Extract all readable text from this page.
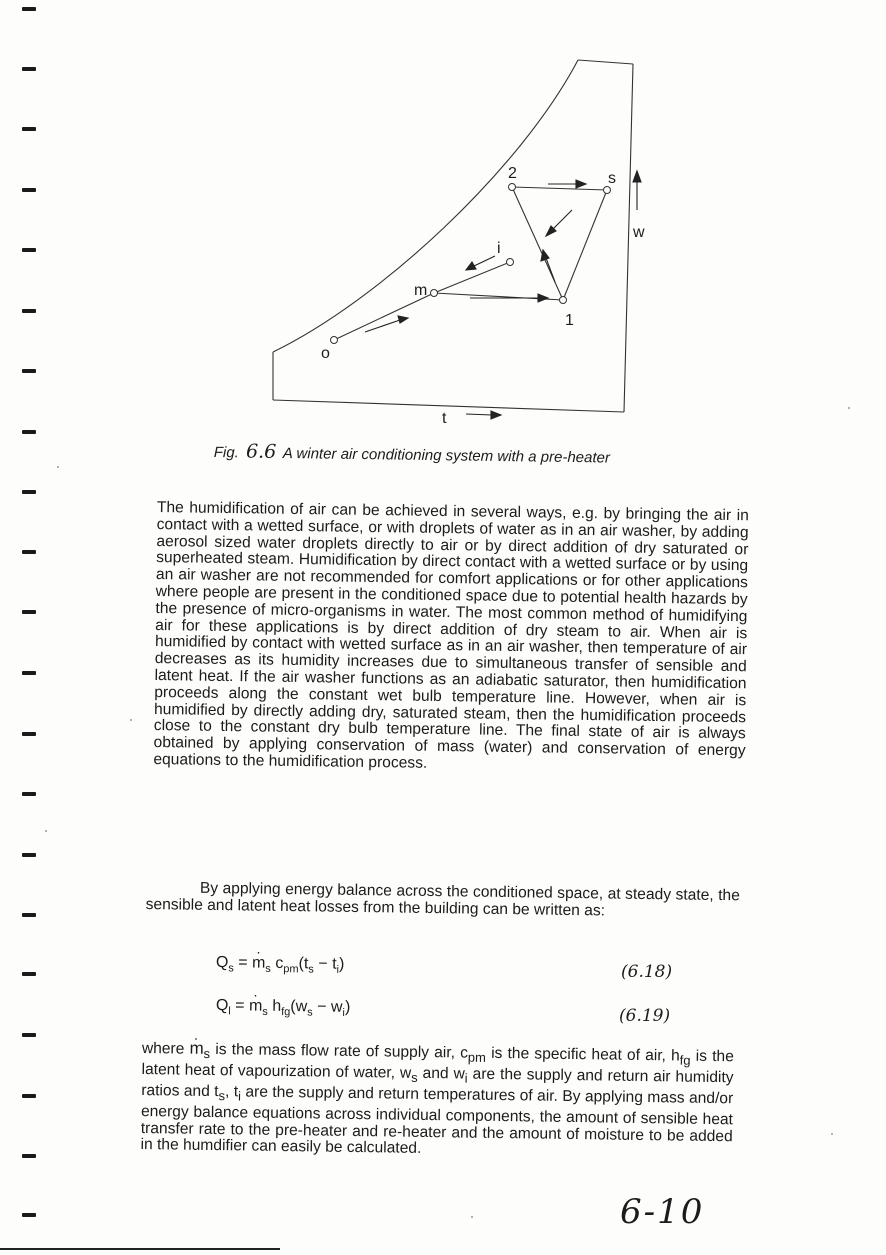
o
m
i
2	s
1
w
t
Fig. 6.6 A winter air conditioning system with a pre-heater

The humidification of air can be achieved in several ways, e.g. by bringing the air in contact with a wetted surface, or with droplets of water as in an air washer, by adding aerosol sized water droplets directly to air or by direct addition of dry saturated or superheated steam. Humidification by direct contact with a wetted surface or by using an air washer are not recommended for comfort applications or for other applications where people are present in the conditioned space due to potential health hazards by the presence of micro-organisms in water. The most common method of humidifying air for these applications is by direct addition of dry steam to air. When air is humidified by contact with wetted surface as in an air washer, then temperature of air decreases as its humidity increases due to simultaneous transfer of sensible and latent heat. If the air washer functions as an adiabatic saturator, then humidification proceeds along the constant wet bulb temperature line. However, when air is humidified by directly adding dry, saturated steam, then the humidification proceeds close to the constant dry bulb temperature line. The final state of air is always obtained by applying conservation of mass (water) and conservation of energy equations to the humidification process.

By applying energy balance across the conditioned space, at steady state, the sensible and latent heat losses from the building can be written as:

$Q_s$ = · $m_s$ $c_{pm}(t_s - t_i)$	(6.18)
$Q_l$ = · $m_s$ $h_{fg}(w_s - w_i)$	(6.19)

where · $m_s$ is the mass flow rate of supply air, $c_{pm}$ is the specific heat of air, $h_{fg}$ is the latent heat of vapourization of water, $w_s$ and $w_i$ are the supply and return air humidity ratios and $t_s$, $t_i$ are the supply and return temperatures of air. By applying mass and/or energy balance equations across individual components, the amount of sensible heat transfer rate to the pre-heater and re-heater and the amount of moisture to be added in the humdifier can easily be calculated.

6-10
